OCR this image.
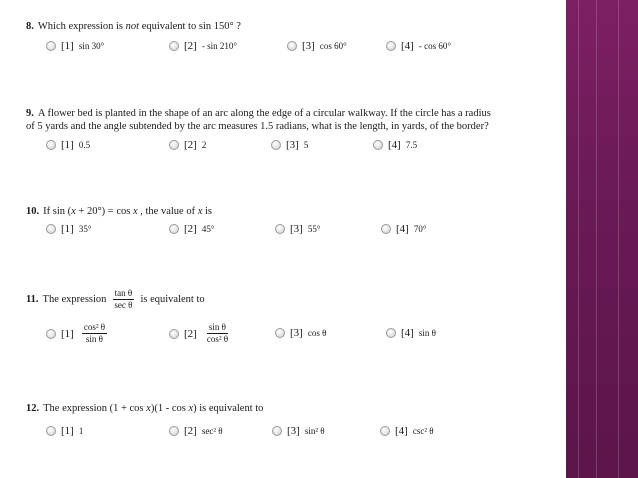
8. Which expression is not equivalent to sin 150° ?
[1] sin 30°	[2] - sin 210°	[3] cos 60°	[4] - cos 60°
9. A flower bed is planted in the shape of an arc along the edge of a circular walkway. If the circle has a radius
of 5 yards and the angle subtended by the arc measures 1.5 radians, what is the length, in yards, of the border?
[1] 0.5	[2] 2	[3] 5	[4] 7.5
10. If sin (x + 20°) = cos x , the value of x is
[1] 35°	[2] 45°	[3] 55°	[4] 70°
11. The expression $\frac{\text{tan θ}}{\text{sec θ}}$ is equivalent to
$[1] \frac{\text{cos² θ}}{\text{sin θ}}$	$[2] \frac{\text{sin θ}}{\text{cos² θ}}$	[3] cos θ	[4] sin θ
12. The expression (1 + cos x)(1 - cos x) is equivalent to
[1] 1	[2] sec² θ	[3] sin² θ	[4] csc² θ
